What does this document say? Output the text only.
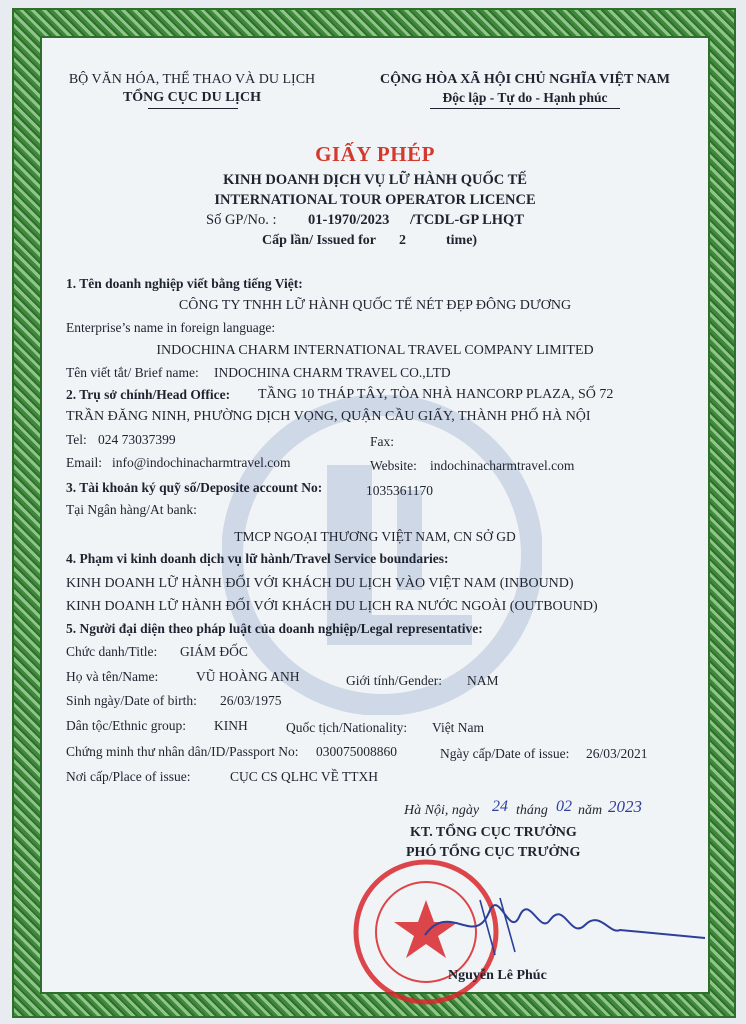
BỘ VĂN HÓA, THỂ THAO VÀ DU LỊCH
TỔNG CỤC DU LỊCH
CỘNG HÒA XÃ HỘI CHỦ NGHĨA VIỆT NAM
Độc lập - Tự do - Hạnh phúc
GIẤY PHÉP
KINH DOANH DỊCH VỤ LỮ HÀNH QUỐC TẾ
INTERNATIONAL TOUR OPERATOR LICENCE
Số GP/No. : 01-1970/2023 /TCDL-GP LHQT
Cấp lần/ Issued for 2	time)
1. Tên doanh nghiệp viết bằng tiếng Việt:
CÔNG TY TNHH LỮ HÀNH QUỐC TẾ NÉT ĐẸP ĐÔNG DƯƠNG
Enterprise’s name in foreign language:
INDOCHINA CHARM INTERNATIONAL TRAVEL COMPANY LIMITED
Tên viết tắt/ Brief name: INDOCHINA CHARM TRAVEL CO.,LTD
2. Trụ sở chính/Head Office: TẦNG 10 THÁP TÂY, TÒA NHÀ HANCORP PLAZA, SỐ 72
TRẦN ĐĂNG NINH, PHƯỜNG DỊCH VỌNG, QUẬN CẦU GIẤY, THÀNH PHỐ HÀ NỘI
Tel: 024 73037399	Fax:
Email: info@indochinacharmtravel.com	Website: indochinacharmtravel.com
3. Tài khoản ký quỹ số/Deposite account No:	1035361170
Tại Ngân hàng/At bank:
TMCP NGOẠI THƯƠNG VIỆT NAM, CN SỞ GD
4. Phạm vi kinh doanh dịch vụ lữ hành/Travel Service boundaries:
KINH DOANH LỮ HÀNH ĐỐI VỚI KHÁCH DU LỊCH VÀO VIỆT NAM (INBOUND)
KINH DOANH LỮ HÀNH ĐỐI VỚI KHÁCH DU LỊCH RA NƯỚC NGOÀI (OUTBOUND)
5. Người đại diện theo pháp luật của doanh nghiệp/Legal representative:
Chức danh/Title: GIÁM ĐỐC
Họ và tên/Name:	VŨ HOÀNG ANH	Giới tính/Gender: NAM
Sinh ngày/Date of birth: 26/03/1975
Dân tộc/Ethnic group: KINH	Quốc tịch/Nationality: Việt Nam
Chứng minh thư nhân dân/ID/Passport No: 030075008860	Ngày cấp/Date of issue: 26/03/2021
Nơi cấp/Place of issue:	CỤC CS QLHC VỀ TTXH
Hà Nội, ngày 24 tháng 02 năm 2023
KT. TỔNG CỤC TRƯỞNG
PHÓ TỔNG CỤC TRƯỞNG
Nguyễn Lê Phúc
